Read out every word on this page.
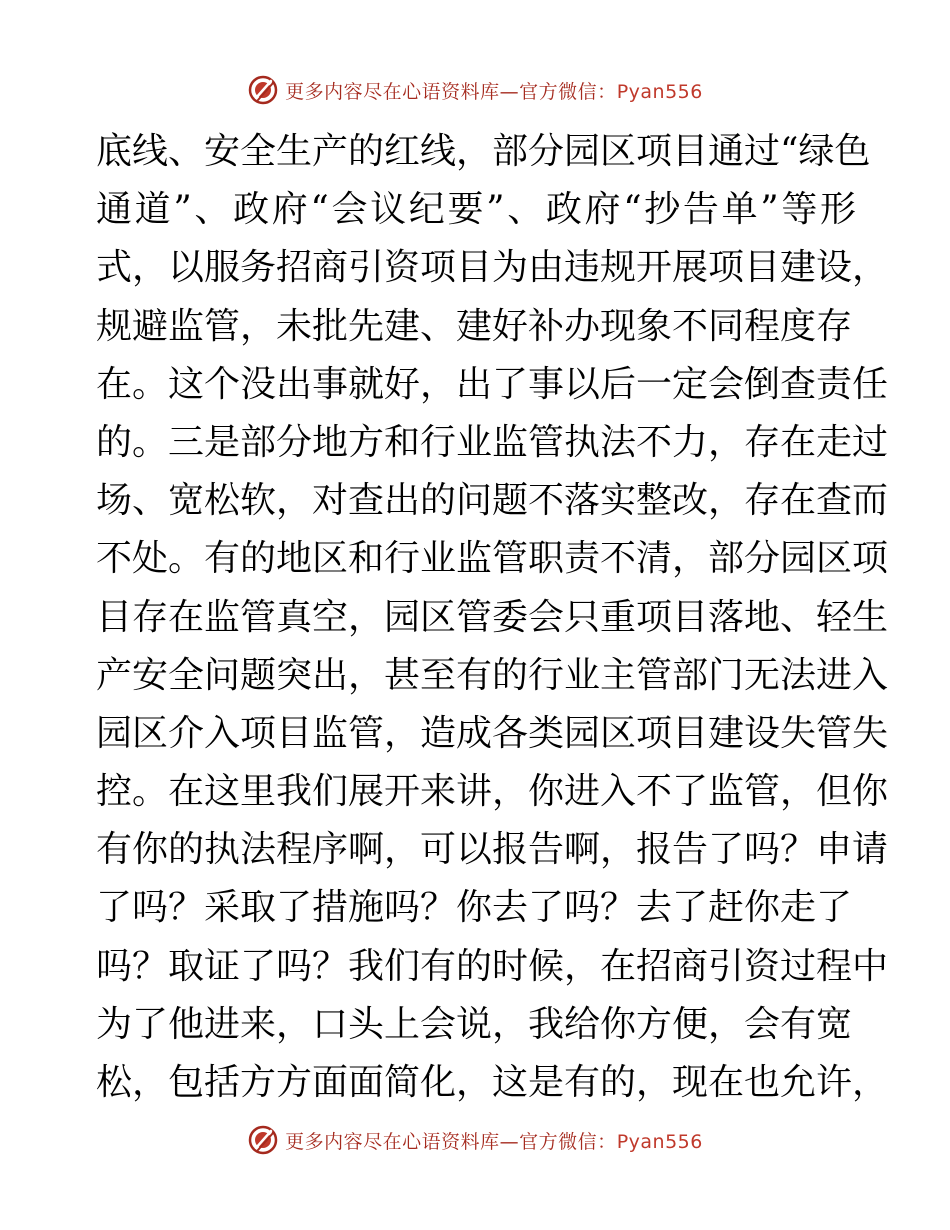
更多内容尽在心语资料库—官方微信：Pyan556
底线、安全生产的红线，部分园区项目通过“绿色
通道”、政府“会议纪要”、政府“抄告单”等形
式，以服务招商引资项目为由违规开展项目建设，
规避监管，未批先建、建好补办现象不同程度存
在。这个没出事就好，出了事以后一定会倒查责任
的。三是部分地方和行业监管执法不力，存在走过
场、宽松软，对查出的问题不落实整改，存在查而
不处。有的地区和行业监管职责不清，部分园区项
目存在监管真空，园区管委会只重项目落地、轻生
产安全问题突出，甚至有的行业主管部门无法进入
园区介入项目监管，造成各类园区项目建设失管失
控。在这里我们展开来讲，你进入不了监管，但你
有你的执法程序啊，可以报告啊，报告了吗？申请
了吗？采取了措施吗？你去了吗？去了赶你走了
吗？取证了吗？我们有的时候，在招商引资过程中
为了他进来，口头上会说，我给你方便，会有宽
松，包括方方面面简化，这是有的，现在也允许，
更多内容尽在心语资料库—官方微信：Pyan556
